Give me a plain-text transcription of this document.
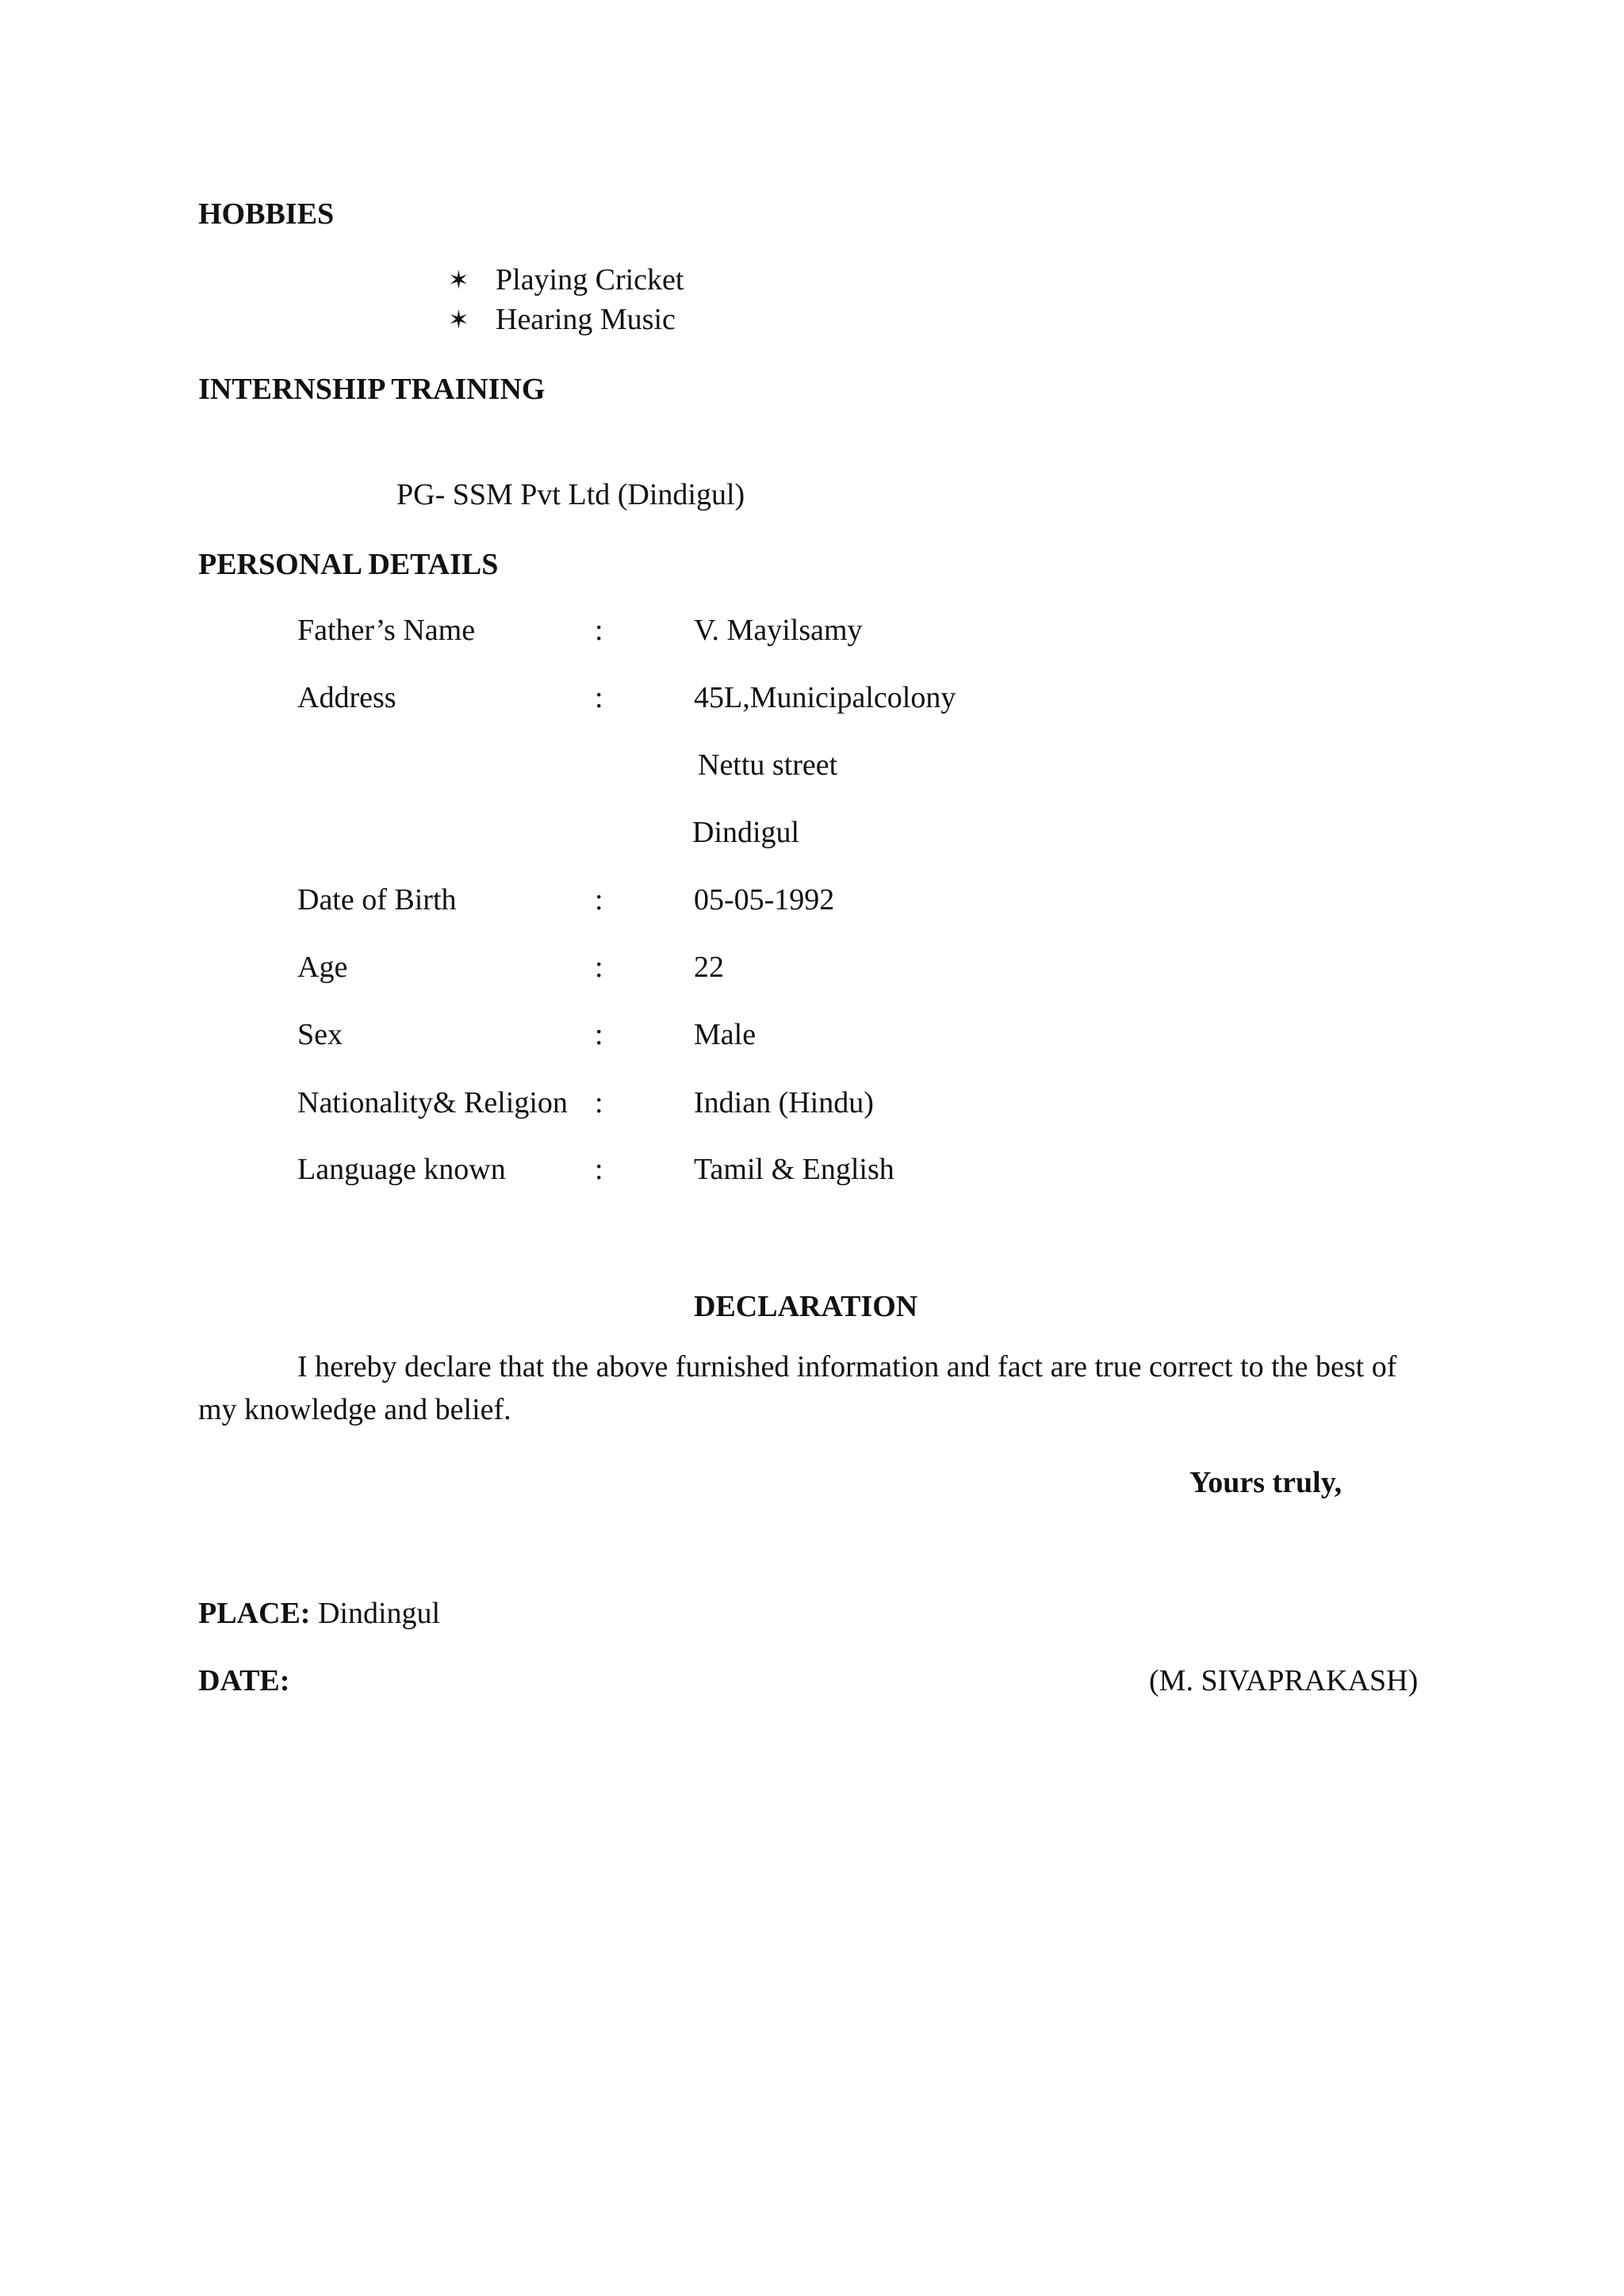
HOBBIES
✶ Playing Cricket
✶ Hearing Music
INTERNSHIP TRAINING
PG- SSM Pvt Ltd (Dindigul)
PERSONAL DETAILS
Father’s Name	:	V. Mayilsamy
Address	:	45L,Municipalcolony
Nettu street
Dindigul
Date of Birth	:	05-05-1992
Age	:	22
Sex	:	Male
Nationality& Religion :	Indian (Hindu)
Language known	:	Tamil & English
DECLARATION
I hereby declare that the above furnished information and fact are true correct to the best of my knowledge and belief.
Yours truly,
PLACE: Dindingul
DATE:	(M. SIVAPRAKASH)
